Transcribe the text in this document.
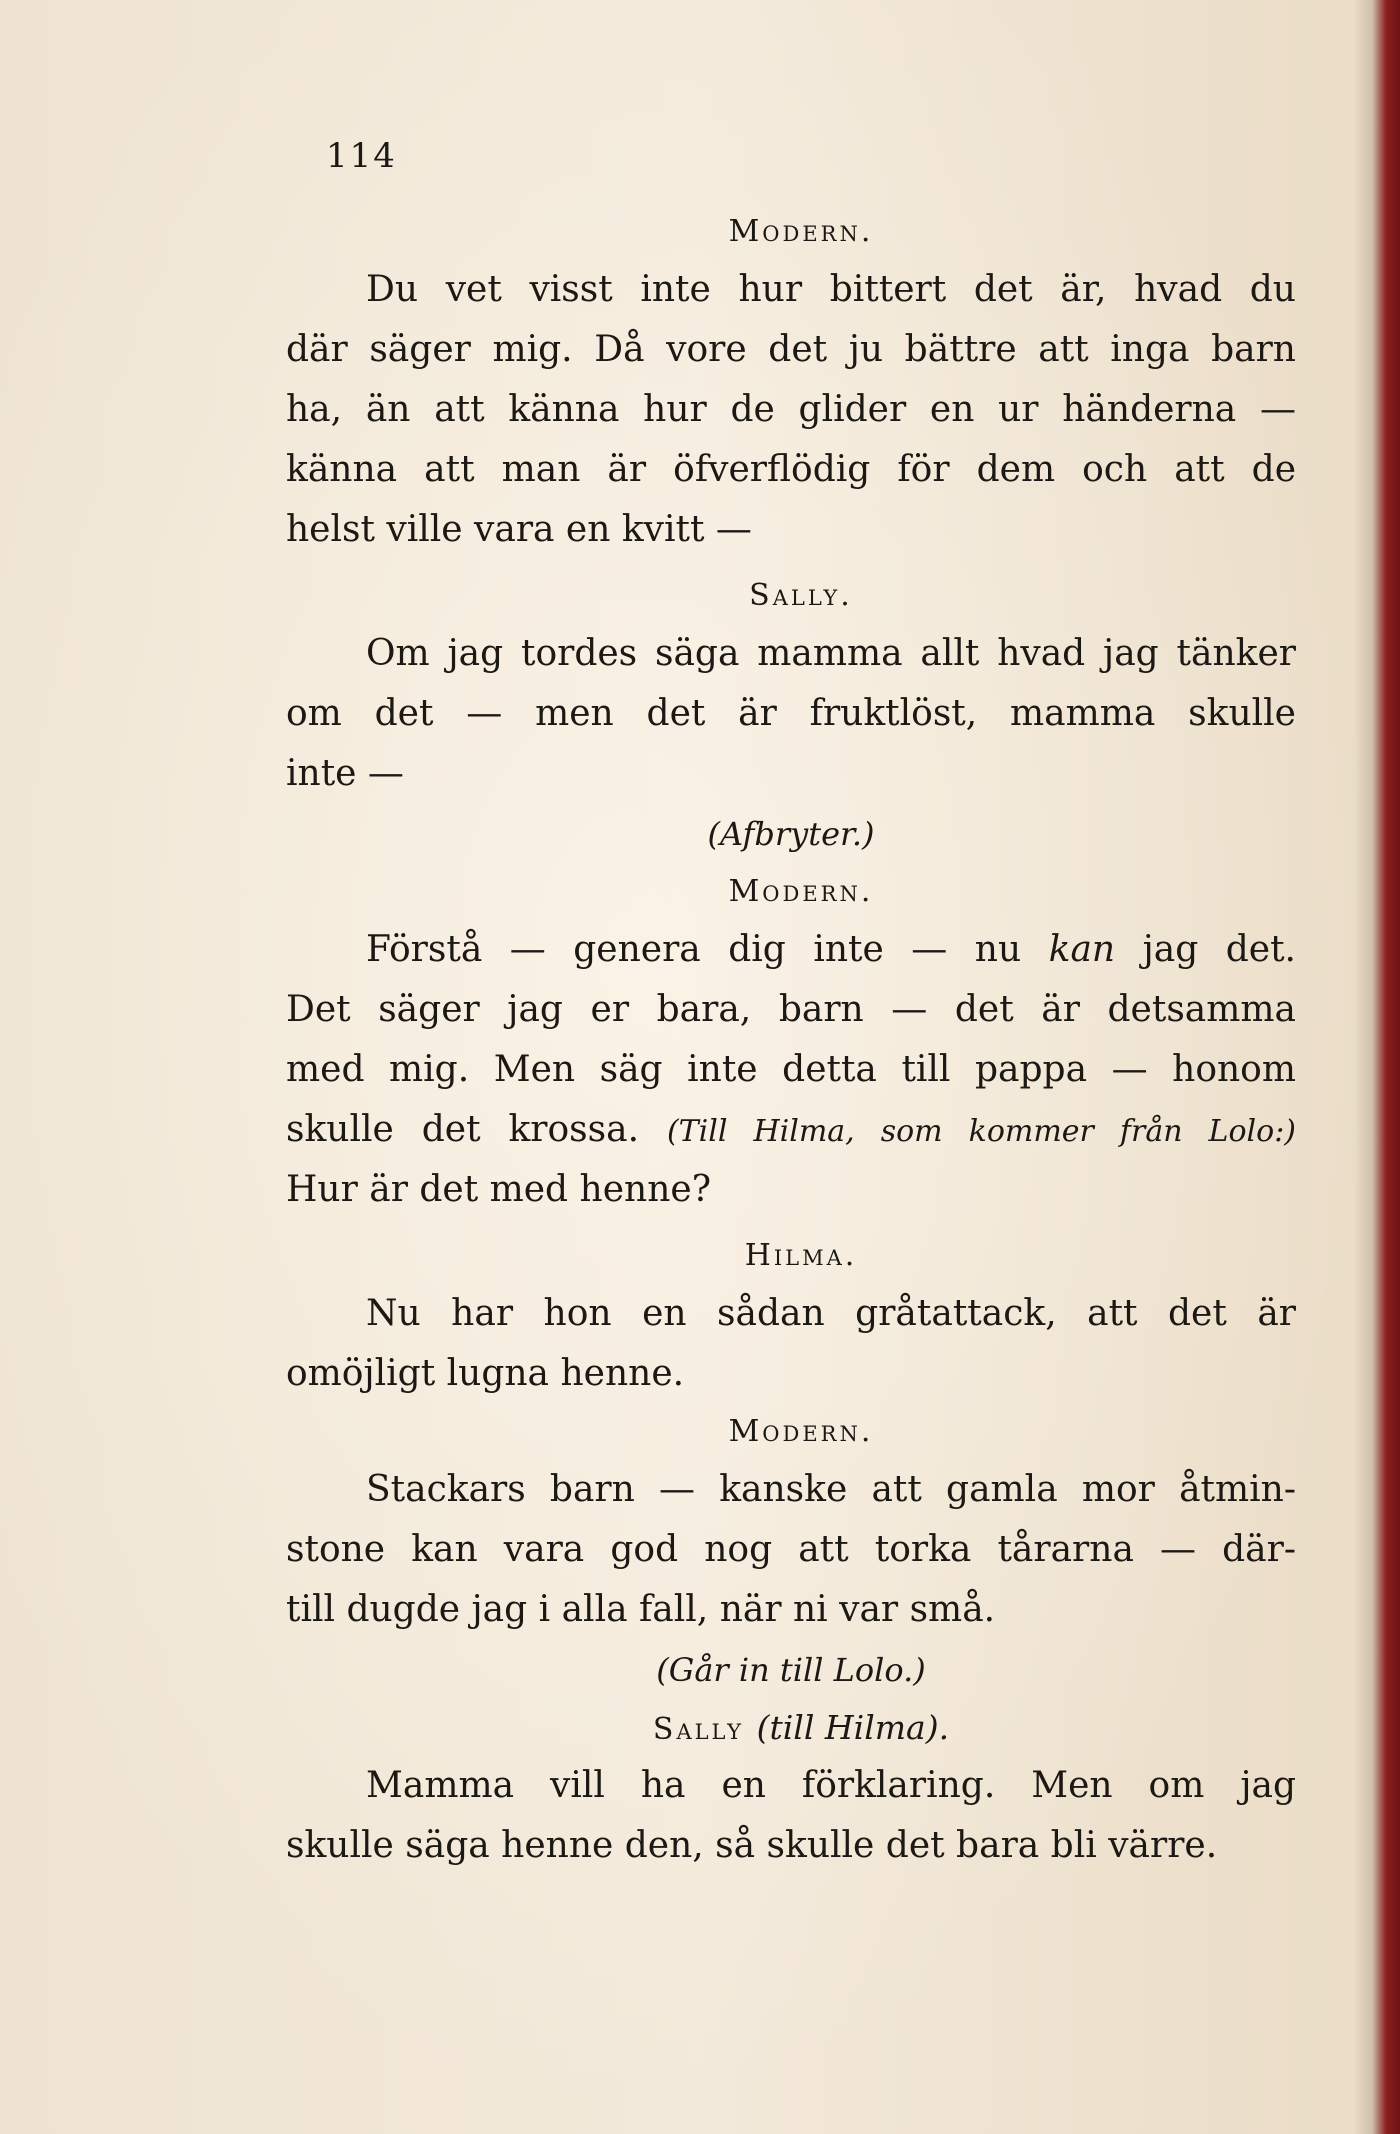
114
Modern.
Du vet visst inte hur bittert det är, hvad du
där säger mig. Då vore det ju bättre att inga barn
ha, än att känna hur de glider en ur händerna —
känna att man är öfverflödig för dem och att de
helst ville vara en kvitt —
Sally.
Om jag tordes säga mamma allt hvad jag tänker
om det — men det är fruktlöst, mamma skulle
inte —
(Afbryter.)
Modern.
Förstå — genera dig inte — nu kan jag det.
Det säger jag er bara, barn — det är detsamma
med mig. Men säg inte detta till pappa — honom
skulle det krossa. (Till Hilma, som kommer från Lolo:)
Hur är det med henne?
Hilma.
Nu har hon en sådan gråtattack, att det är
omöjligt lugna henne.
Modern.
Stackars barn — kanske att gamla mor åtmin-
stone kan vara god nog att torka tårarna — där-
till dugde jag i alla fall, när ni var små.
(Går in till Lolo.)
Sally (till Hilma).
Mamma vill ha en förklaring. Men om jag
skulle säga henne den, så skulle det bara bli värre.
